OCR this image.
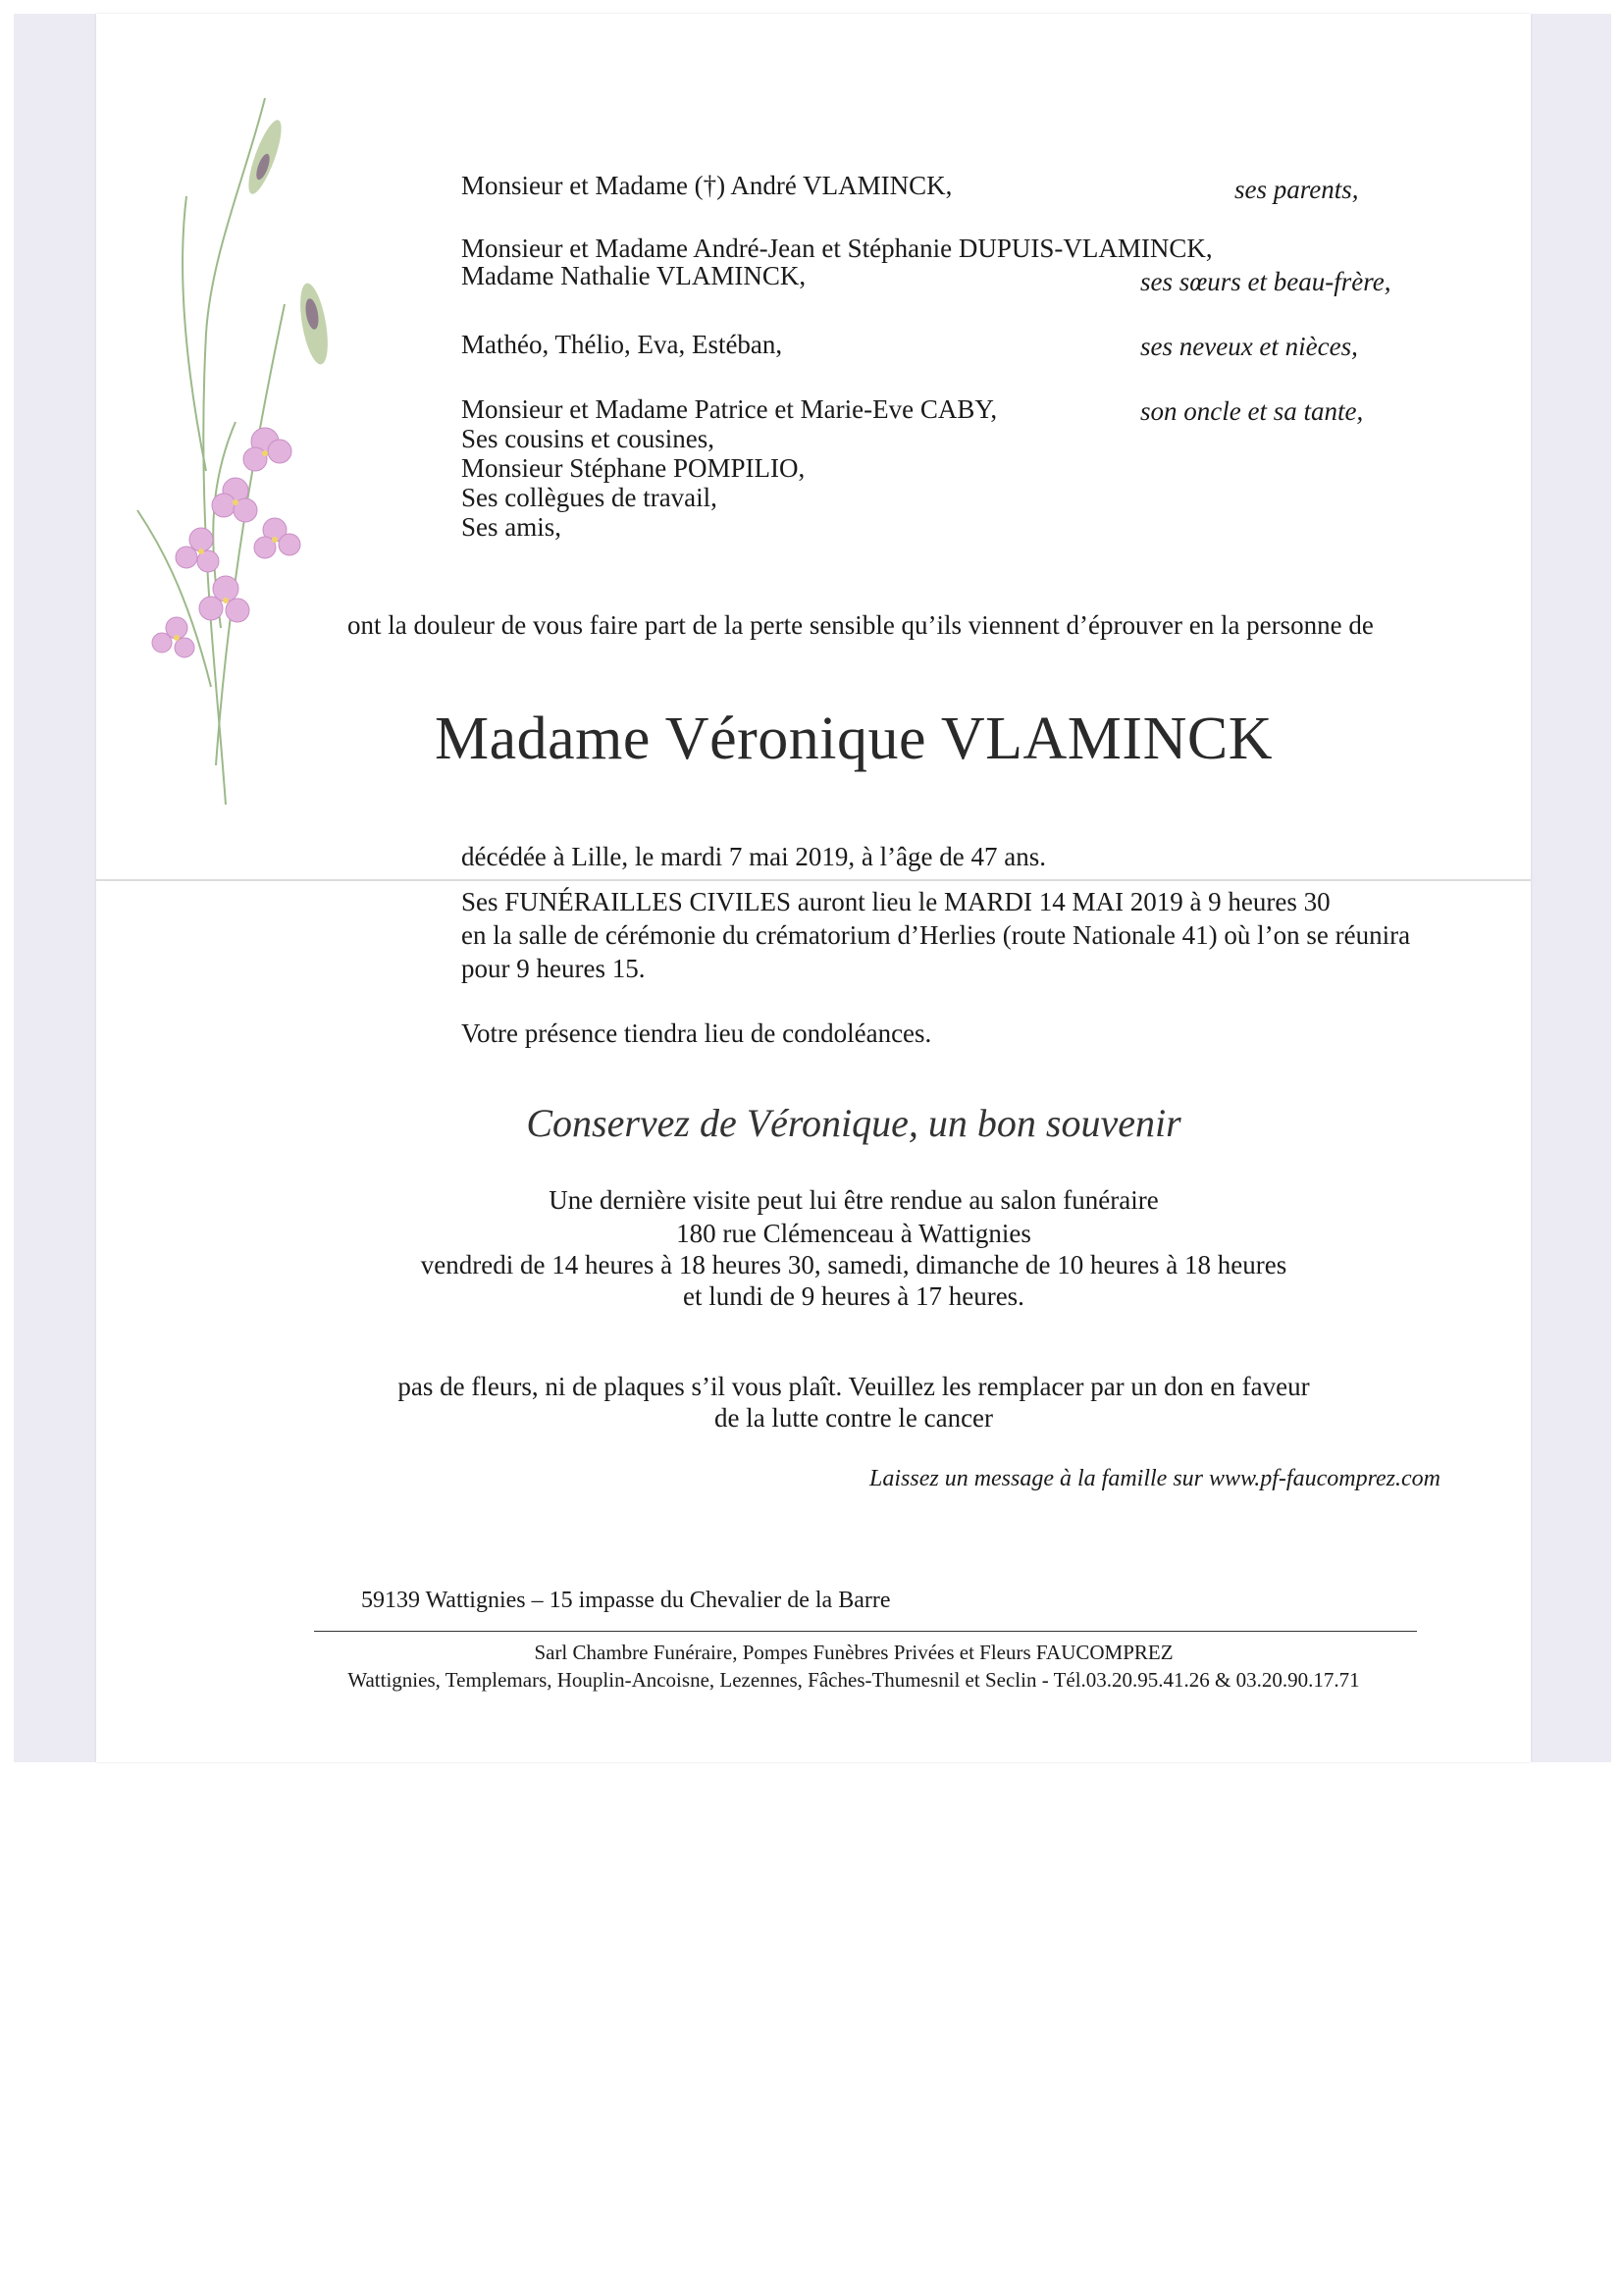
Monsieur et Madame (†) André VLAMINCK,	ses parents,
Monsieur et Madame André-Jean et Stéphanie DUPUIS-VLAMINCK,
Madame Nathalie VLAMINCK,	ses sœurs et beau-frère,
Mathéo, Thélio, Eva, Estéban,	ses neveux et nièces,
Monsieur et Madame Patrice et Marie-Eve CABY,	son oncle et sa tante,
Ses cousins et cousines,
Monsieur Stéphane POMPILIO,
Ses collègues de travail,
Ses amis,
ont la douleur de vous faire part de la perte sensible qu’ils viennent d’éprouver en la personne de
Madame Véronique VLAMINCK
décédée à Lille, le mardi 7 mai 2019, à l’âge de 47 ans.
Ses FUNÉRAILLES CIVILES auront lieu le MARDI 14 MAI 2019 à 9 heures 30
en la salle de cérémonie du crématorium d’Herlies (route Nationale 41) où l’on se réunira
pour 9 heures 15.
Votre présence tiendra lieu de condoléances.
Conservez de Véronique, un bon souvenir
Une dernière visite peut lui être rendue au salon funéraire
180 rue Clémenceau à Wattignies
vendredi de 14 heures à 18 heures 30, samedi, dimanche de 10 heures à 18 heures
et lundi de 9 heures à 17 heures.
pas de fleurs, ni de plaques s’il vous plaît. Veuillez les remplacer par un don en faveur
de la lutte contre le cancer
Laissez un message à la famille sur www.pf-faucomprez.com
59139 Wattignies – 15 impasse du Chevalier de la Barre
Sarl Chambre Funéraire, Pompes Funèbres Privées et Fleurs FAUCOMPREZ
Wattignies, Templemars, Houplin-Ancoisne, Lezennes, Fâches-Thumesnil et Seclin - Tél.03.20.95.41.26 & 03.20.90.17.71
